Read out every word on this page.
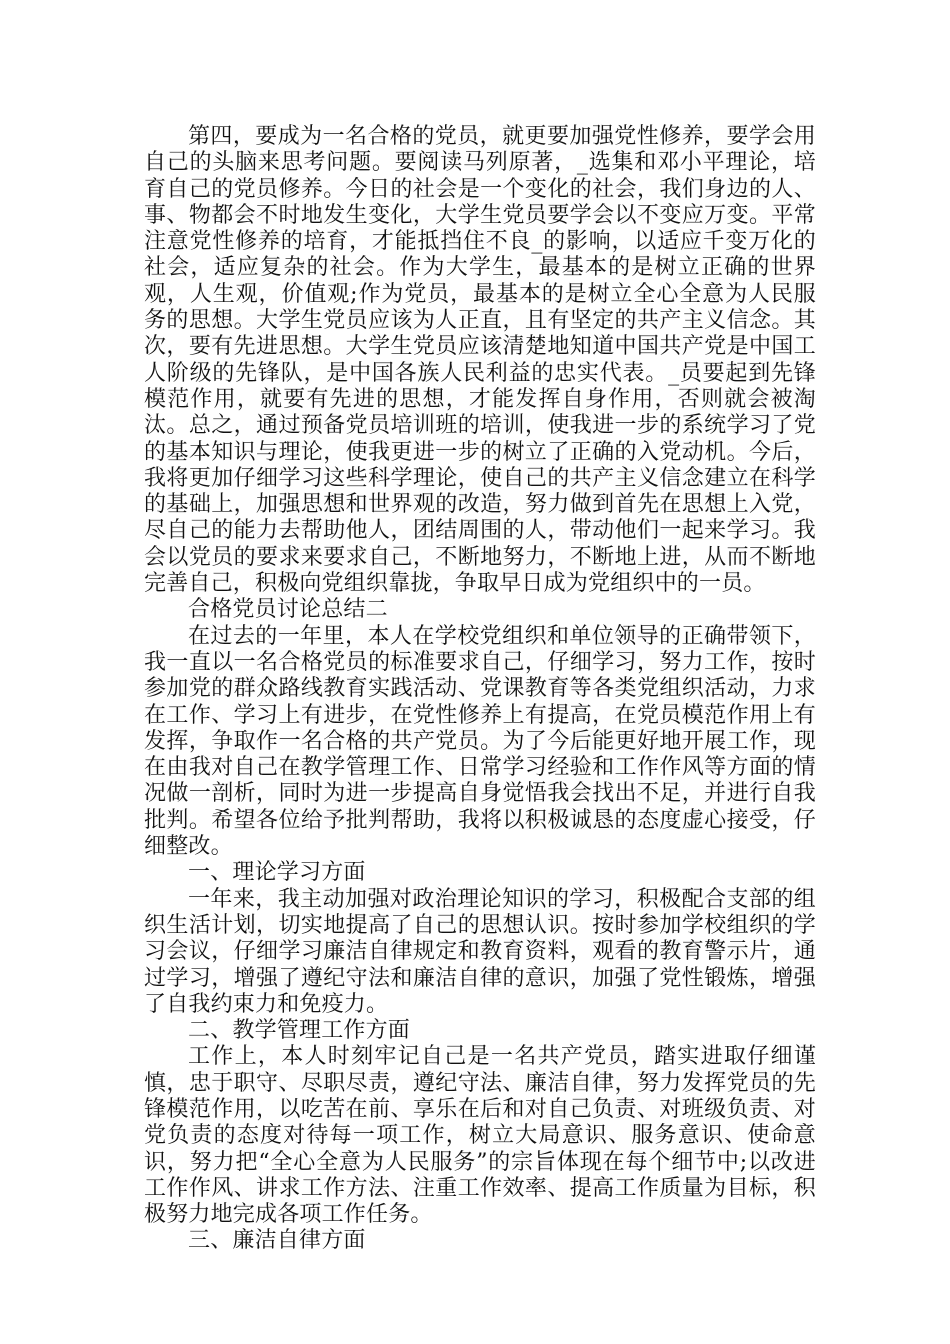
第四，要成为一名合格的党员，就更要加强党性修养，要学会用自己的头脑来思考问题。要阅读马列原著，_选集和邓小平理论，培育自己的党员修养。今日的社会是一个变化的社会，我们身边的人、事、物都会不时地发生变化，大学生党员要学会以不变应万变。平常注意党性修养的培育，才能抵挡住不良_的影响，以适应千变万化的社会，适应复杂的社会。作为大学生，最基本的是树立正确的世界观，人生观，价值观;作为党员，最基本的是树立全心全意为人民服务的思想。大学生党员应该为人正直，且有坚定的共产主义信念。其次，要有先进思想。大学生党员应该清楚地知道中国共产党是中国工人阶级的先锋队，是中国各族人民利益的忠实代表。_员要起到先锋模范作用，就要有先进的思想，才能发挥自身作用，否则就会被淘汰。总之，通过预备党员培训班的培训，使我进一步的系统学习了党的基本知识与理论，使我更进一步的树立了正确的入党动机。今后，我将更加仔细学习这些科学理论，使自己的共产主义信念建立在科学的基础上，加强思想和世界观的改造，努力做到首先在思想上入党，尽自己的能力去帮助他人，团结周围的人，带动他们一起来学习。我会以党员的要求来要求自己，不断地努力，不断地上进，从而不断地完善自己，积极向党组织靠拢，争取早日成为党组织中的一员。

合格党员讨论总结二

在过去的一年里，本人在学校党组织和单位领导的正确带领下，我一直以一名合格党员的标准要求自己，仔细学习，努力工作，按时参加党的群众路线教育实践活动、党课教育等各类党组织活动，力求在工作、学习上有进步，在党性修养上有提高，在党员模范作用上有发挥，争取作一名合格的共产党员。为了今后能更好地开展工作，现在由我对自己在教学管理工作、日常学习经验和工作作风等方面的情况做一剖析，同时为进一步提高自身觉悟我会找出不足，并进行自我批判。希望各位给予批判帮助，我将以积极诚恳的态度虚心接受，仔细整改。

一、理论学习方面

一年来，我主动加强对政治理论知识的学习，积极配合支部的组织生活计划，切实地提高了自己的思想认识。按时参加学校组织的学习会议，仔细学习廉洁自律规定和教育资料，观看的教育警示片，通过学习，增强了遵纪守法和廉洁自律的意识，加强了党性锻炼，增强了自我约束力和免疫力。

二、教学管理工作方面

工作上，本人时刻牢记自己是一名共产党员，踏实进取仔细谨慎，忠于职守、尽职尽责，遵纪守法、廉洁自律，努力发挥党员的先锋模范作用，以吃苦在前、享乐在后和对自己负责、对班级负责、对党负责的态度对待每一项工作，树立大局意识、服务意识、使命意识，努力把“全心全意为人民服务”的宗旨体现在每个细节中;以改进工作作风、讲求工作方法、注重工作效率、提高工作质量为目标，积极努力地完成各项工作任务。

三、廉洁自律方面
